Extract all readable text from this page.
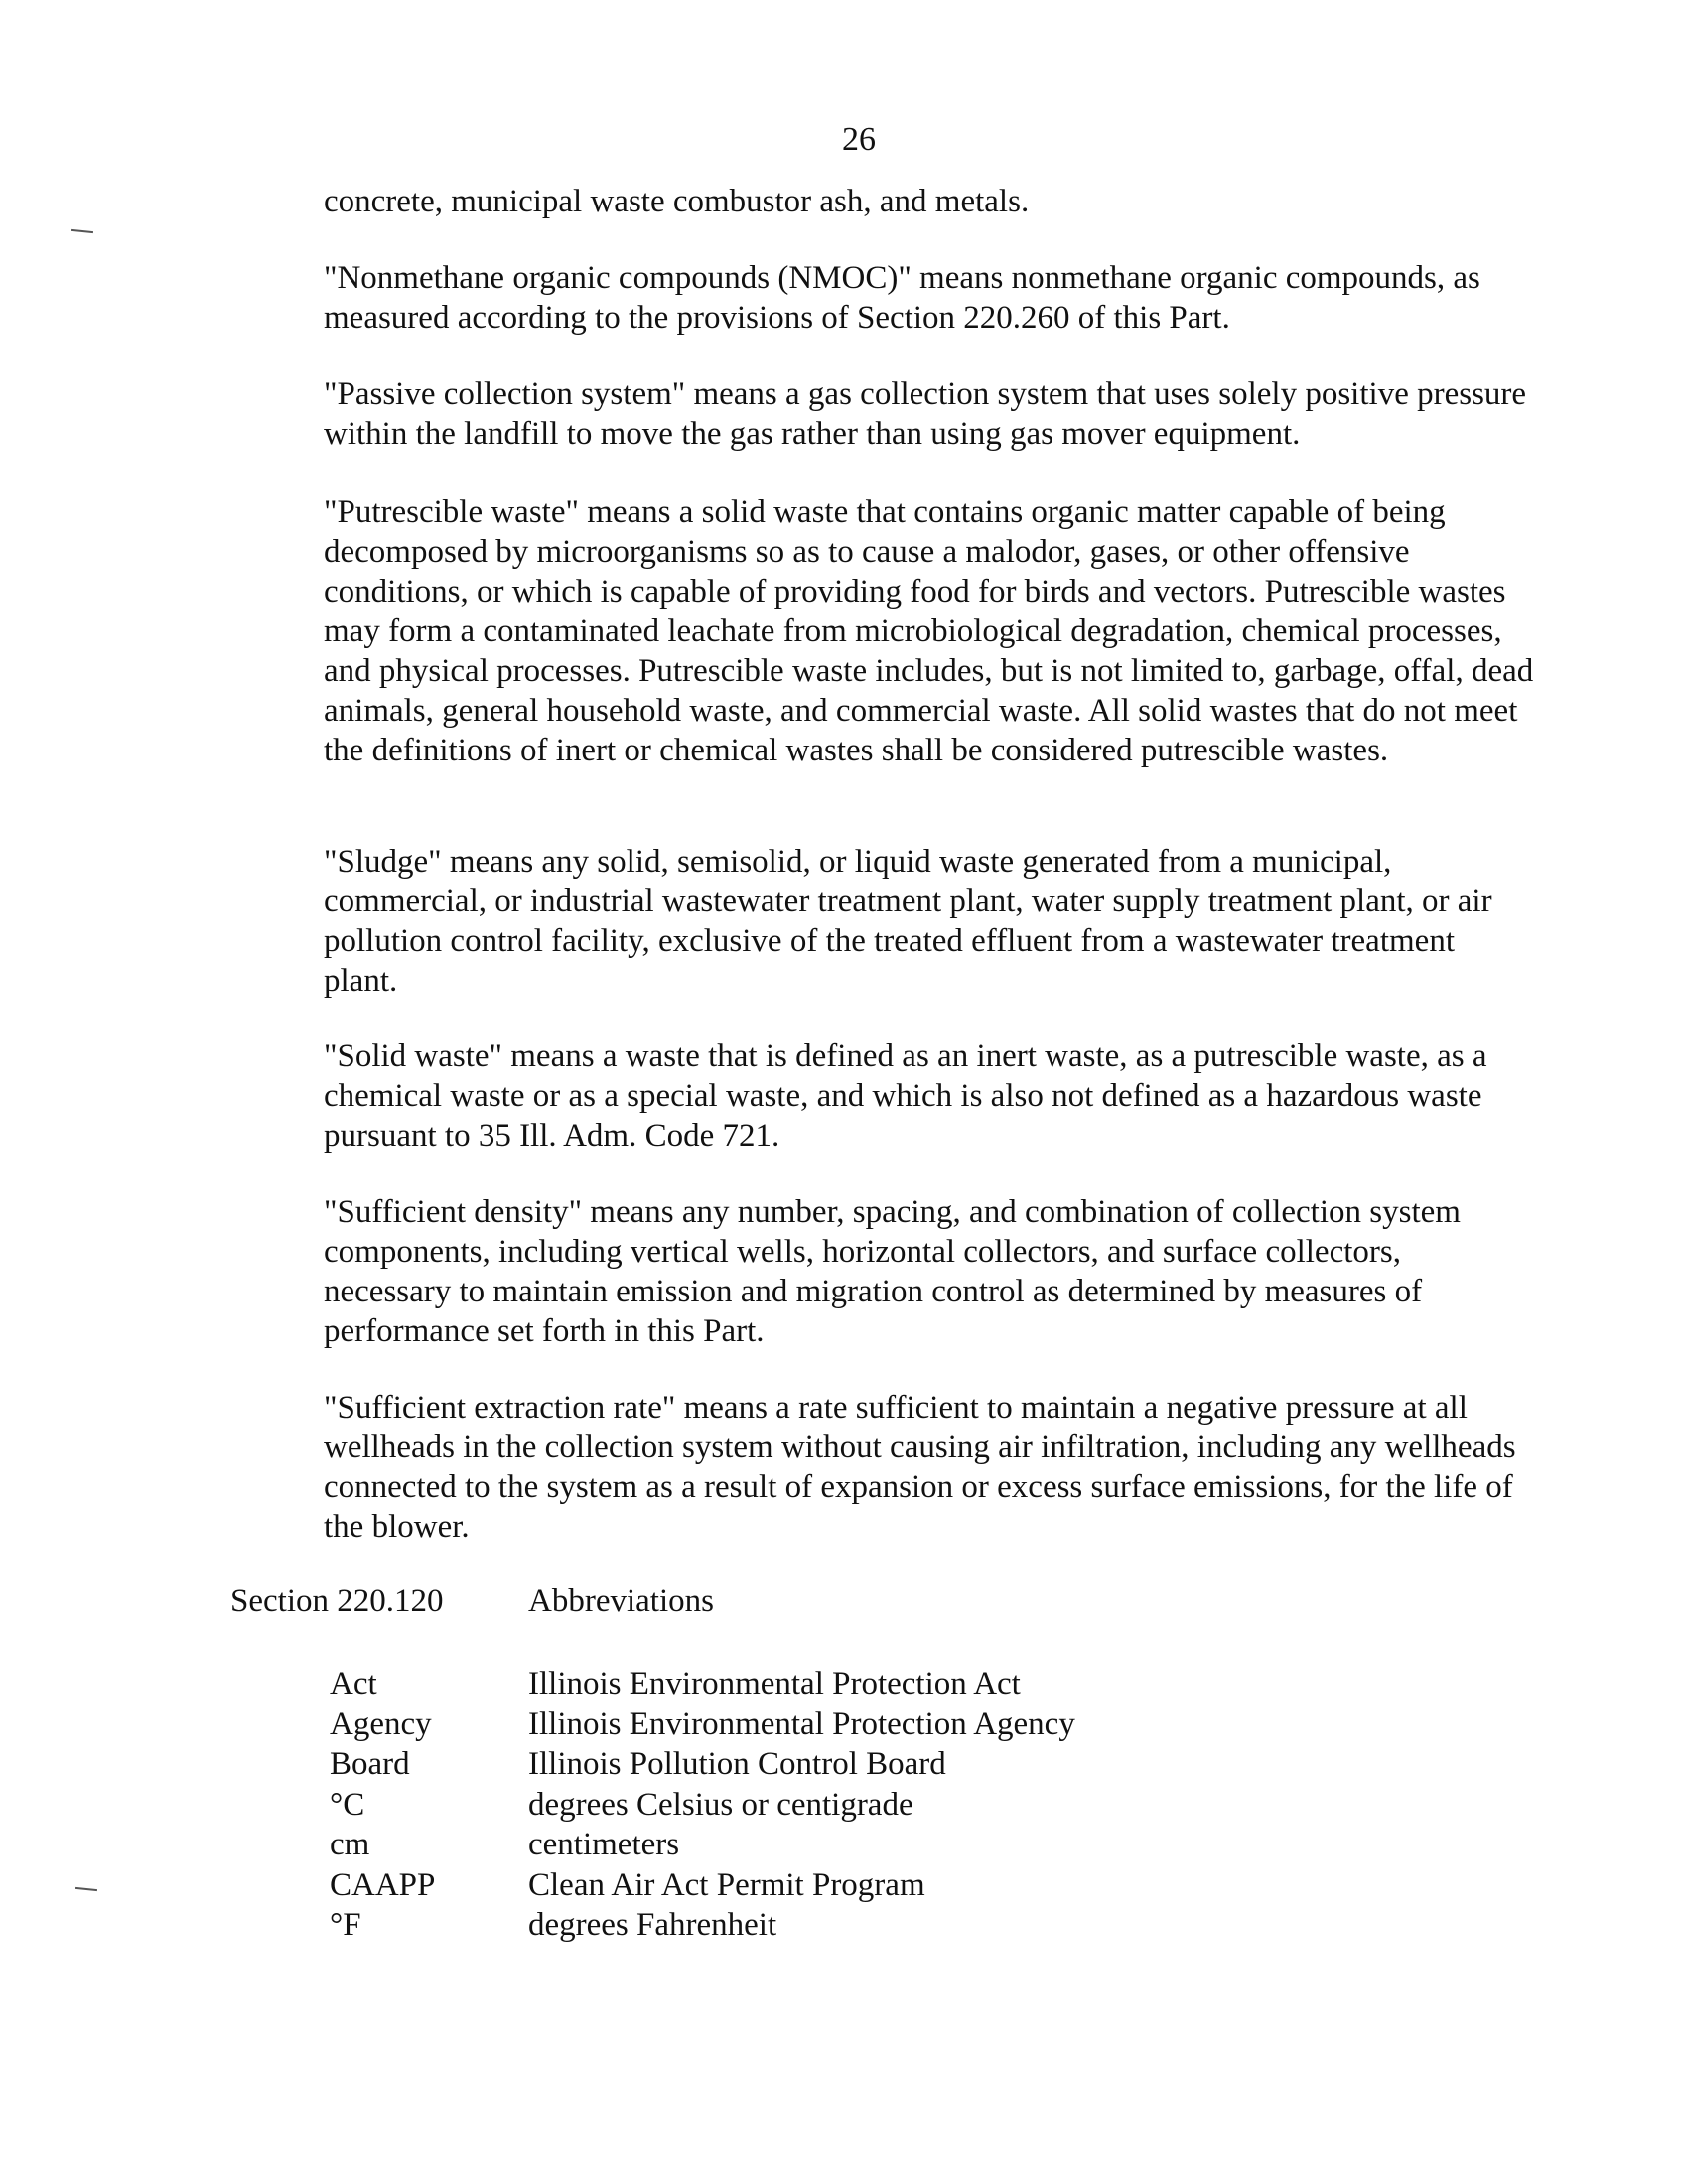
26

concrete, municipal waste combustor ash, and metals.

"Nonmethane organic compounds (NMOC)" means nonmethane organic compounds, as measured according to the provisions of Section 220.260 of this Part.

"Passive collection system" means a gas collection system that uses solely positive pressure within the landfill to move the gas rather than using gas mover equipment.

"Putrescible waste" means a solid waste that contains organic matter capable of being decomposed by microorganisms so as to cause a malodor, gases, or other offensive conditions, or which is capable of providing food for birds and vectors. Putrescible wastes may form a contaminated leachate from microbiological degradation, chemical processes, and physical processes. Putrescible waste includes, but is not limited to, garbage, offal, dead animals, general household waste, and commercial waste. All solid wastes that do not meet the definitions of inert or chemical wastes shall be considered putrescible wastes.

"Sludge" means any solid, semisolid, or liquid waste generated from a municipal, commercial, or industrial wastewater treatment plant, water supply treatment plant, or air pollution control facility, exclusive of the treated effluent from a wastewater treatment plant.

"Solid waste" means a waste that is defined as an inert waste, as a putrescible waste, as a chemical waste or as a special waste, and which is also not defined as a hazardous waste pursuant to 35 Ill. Adm. Code 721.

"Sufficient density" means any number, spacing, and combination of collection system components, including vertical wells, horizontal collectors, and surface collectors, necessary to maintain emission and migration control as determined by measures of performance set forth in this Part.

"Sufficient extraction rate" means a rate sufficient to maintain a negative pressure at all wellheads in the collection system without causing air infiltration, including any wellheads connected to the system as a result of expansion or excess surface emissions, for the life of the blower.

Section 220.120	Abbreviations
Act	Illinois Environmental Protection Act
Agency	Illinois Environmental Protection Agency
Board	Illinois Pollution Control Board
°C	degrees Celsius or centigrade
cm	centimeters
CAAPP	Clean Air Act Permit Program
°F	degrees Fahrenheit
